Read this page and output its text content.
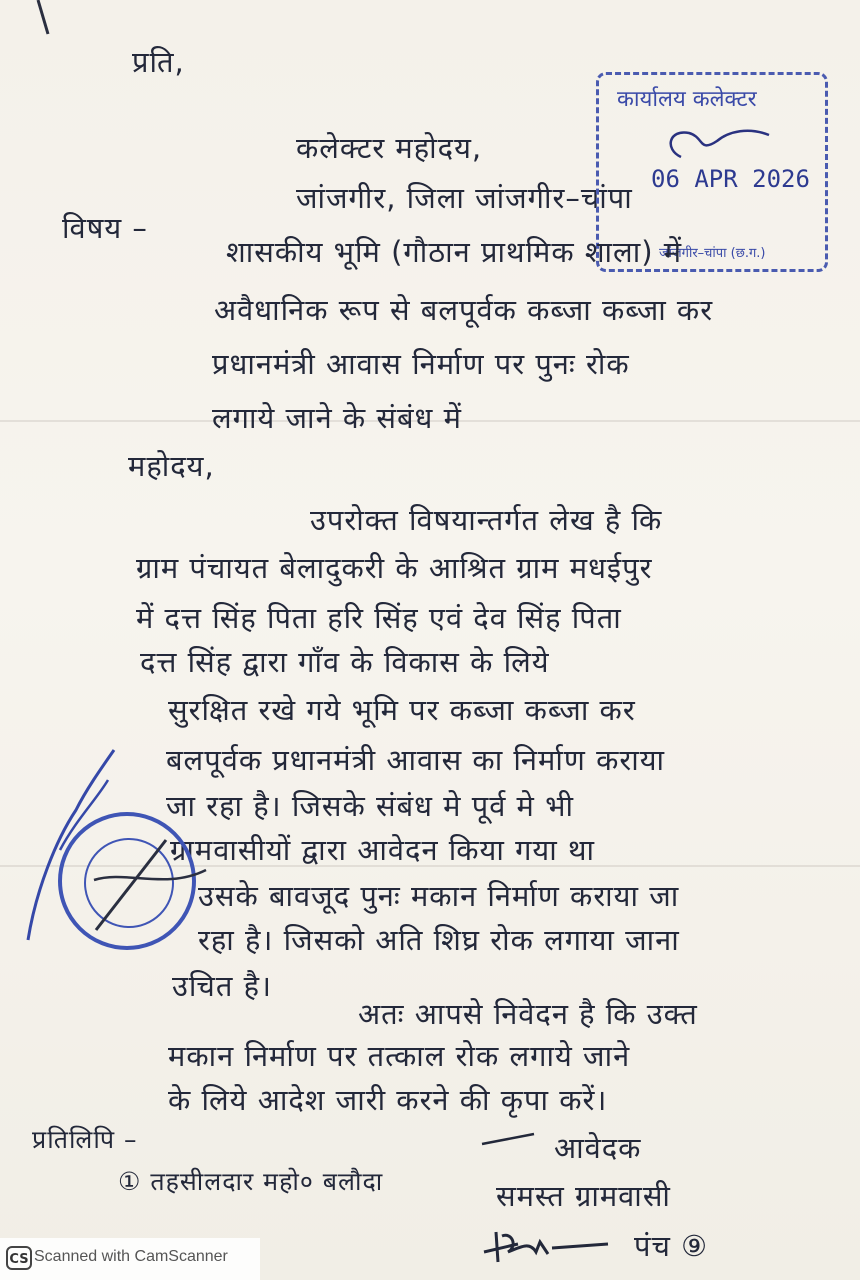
प्रति,
कलेक्टर महोदय,
जांजगीर, जिला जांजगीर–चांपा
कार्यालय कलेक्टर
06 APR 2026
जांजगीर–चांपा (छ.ग.)
विषय –
शासकीय भूमि (गौठान प्राथमिक शाला) में
अवैधानिक रूप से बलपूर्वक कब्जा कब्जा कर
प्रधानमंत्री आवास निर्माण पर पुनः रोक
लगाये जाने के संबंध में
महोदय,
उपरोक्त विषयान्तर्गत लेख है कि
ग्राम पंचायत बेलादुकरी के आश्रित ग्राम मधईपुर
में दत्त सिंह पिता हरि सिंह एवं देव सिंह पिता
दत्त सिंह द्वारा गाँव के विकास के लिये
सुरक्षित रखे गये भूमि पर कब्जा कब्जा कर
बलपूर्वक प्रधानमंत्री आवास का निर्माण कराया
जा रहा है। जिसके संबंध मे पूर्व मे भी
ग्रामवासीयों द्वारा आवेदन किया गया था
उसके बावजूद पुनः मकान निर्माण कराया जा
रहा है। जिसको अति शिघ्र रोक लगाया जाना
उचित है।
अतः आपसे निवेदन है कि उक्त
मकान निर्माण पर तत्काल रोक लगाये जाने
के लिये आदेश जारी करने की कृपा करें।
प्रतिलिपि –
① तहसीलदार महो० बलौदा
आवेदक
समस्त ग्रामवासी
पंच ⑨
CS Scanned with CamScanner
